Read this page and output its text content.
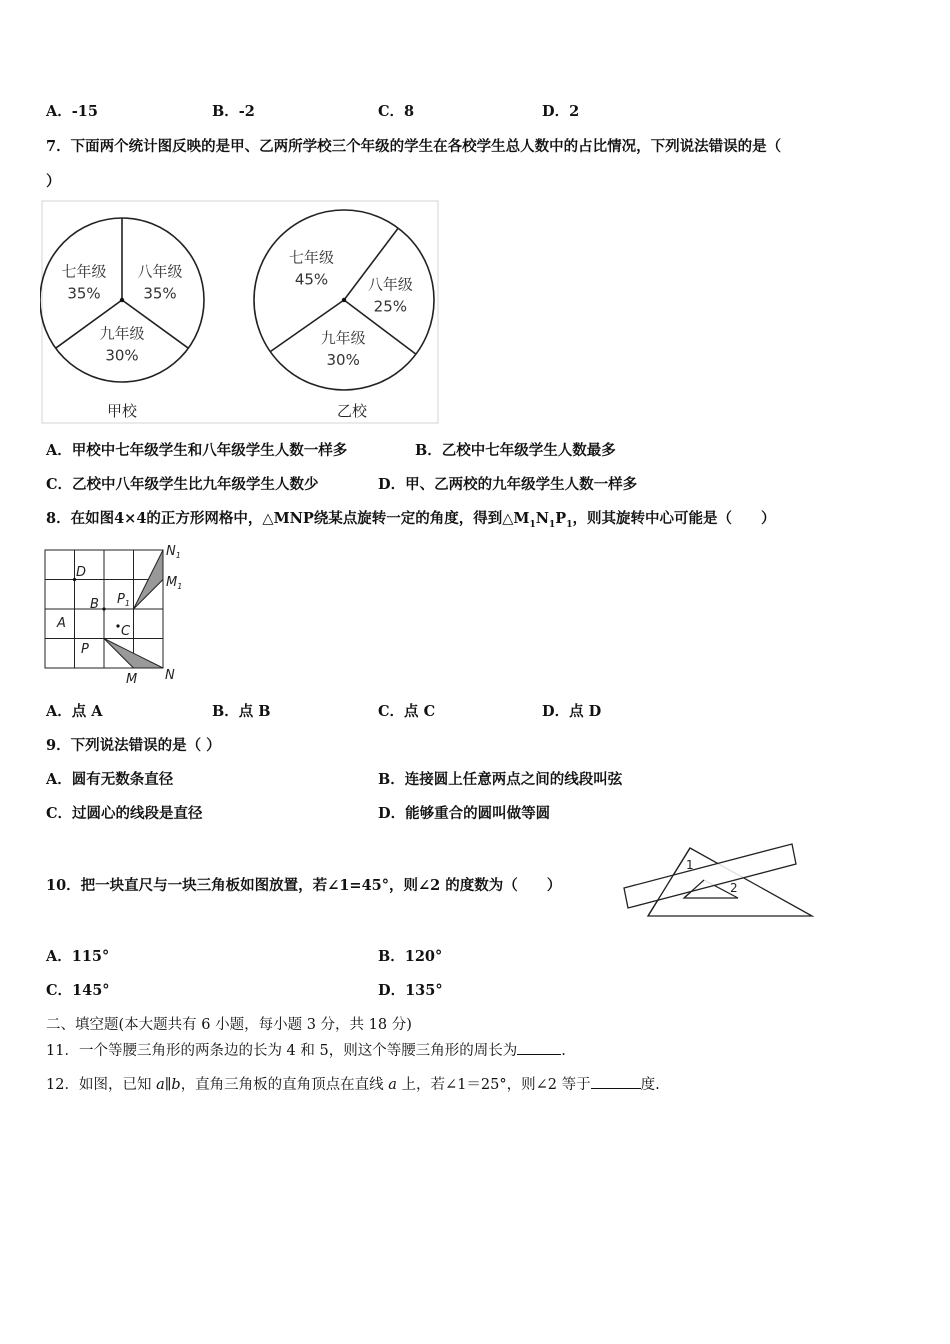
A．-15	B．-2	C．8	D．2
7．下面两个统计图反映的是甲、乙两所学校三个年级的学生在各校学生总人数中的占比情况，下列说法错误的是（
）
八年级
35%
九年级
30%
七年级
35%
八年级
25%
九年级
30%
七年级
45%
甲校	乙校
A．甲校中七年级学生和八年级学生人数一样多	B．乙校中七年级学生人数最多
C．乙校中八年级学生比九年级学生人数少	D．甲、乙两校的九年级学生人数一样多
8．在如图4×4的正方形网格中，△MNP绕某点旋转一定的角度，得到$\triangle M_1N_1P_1$，则其旋转中心可能是（　　）
$N_1$
$M_1$
$P_1$
D
B
A
C
P
M N
A．点 A	B．点 B	C．点 C	D．点 D
9．下列说法错误的是（ ）
A．圆有无数条直径	B．连接圆上任意两点之间的线段叫弦
C．过圆心的线段是直径	D．能够重合的圆叫做等圆
10．把一块直尺与一块三角板如图放置，若∠1=45°，则∠2 的度数为（　　）
1
2
A．115°	B．120°
C．145°	D．135°
二、填空题(本大题共有 6 小题，每小题 3 分，共 18 分)
11．一个等腰三角形的两条边的长为 4 和 5，则这个等腰三角形的周长为	.
12．如图，已知 a∥b，直角三角板的直角顶点在直线 a 上，若∠1＝25°，则∠2 等于	度.
